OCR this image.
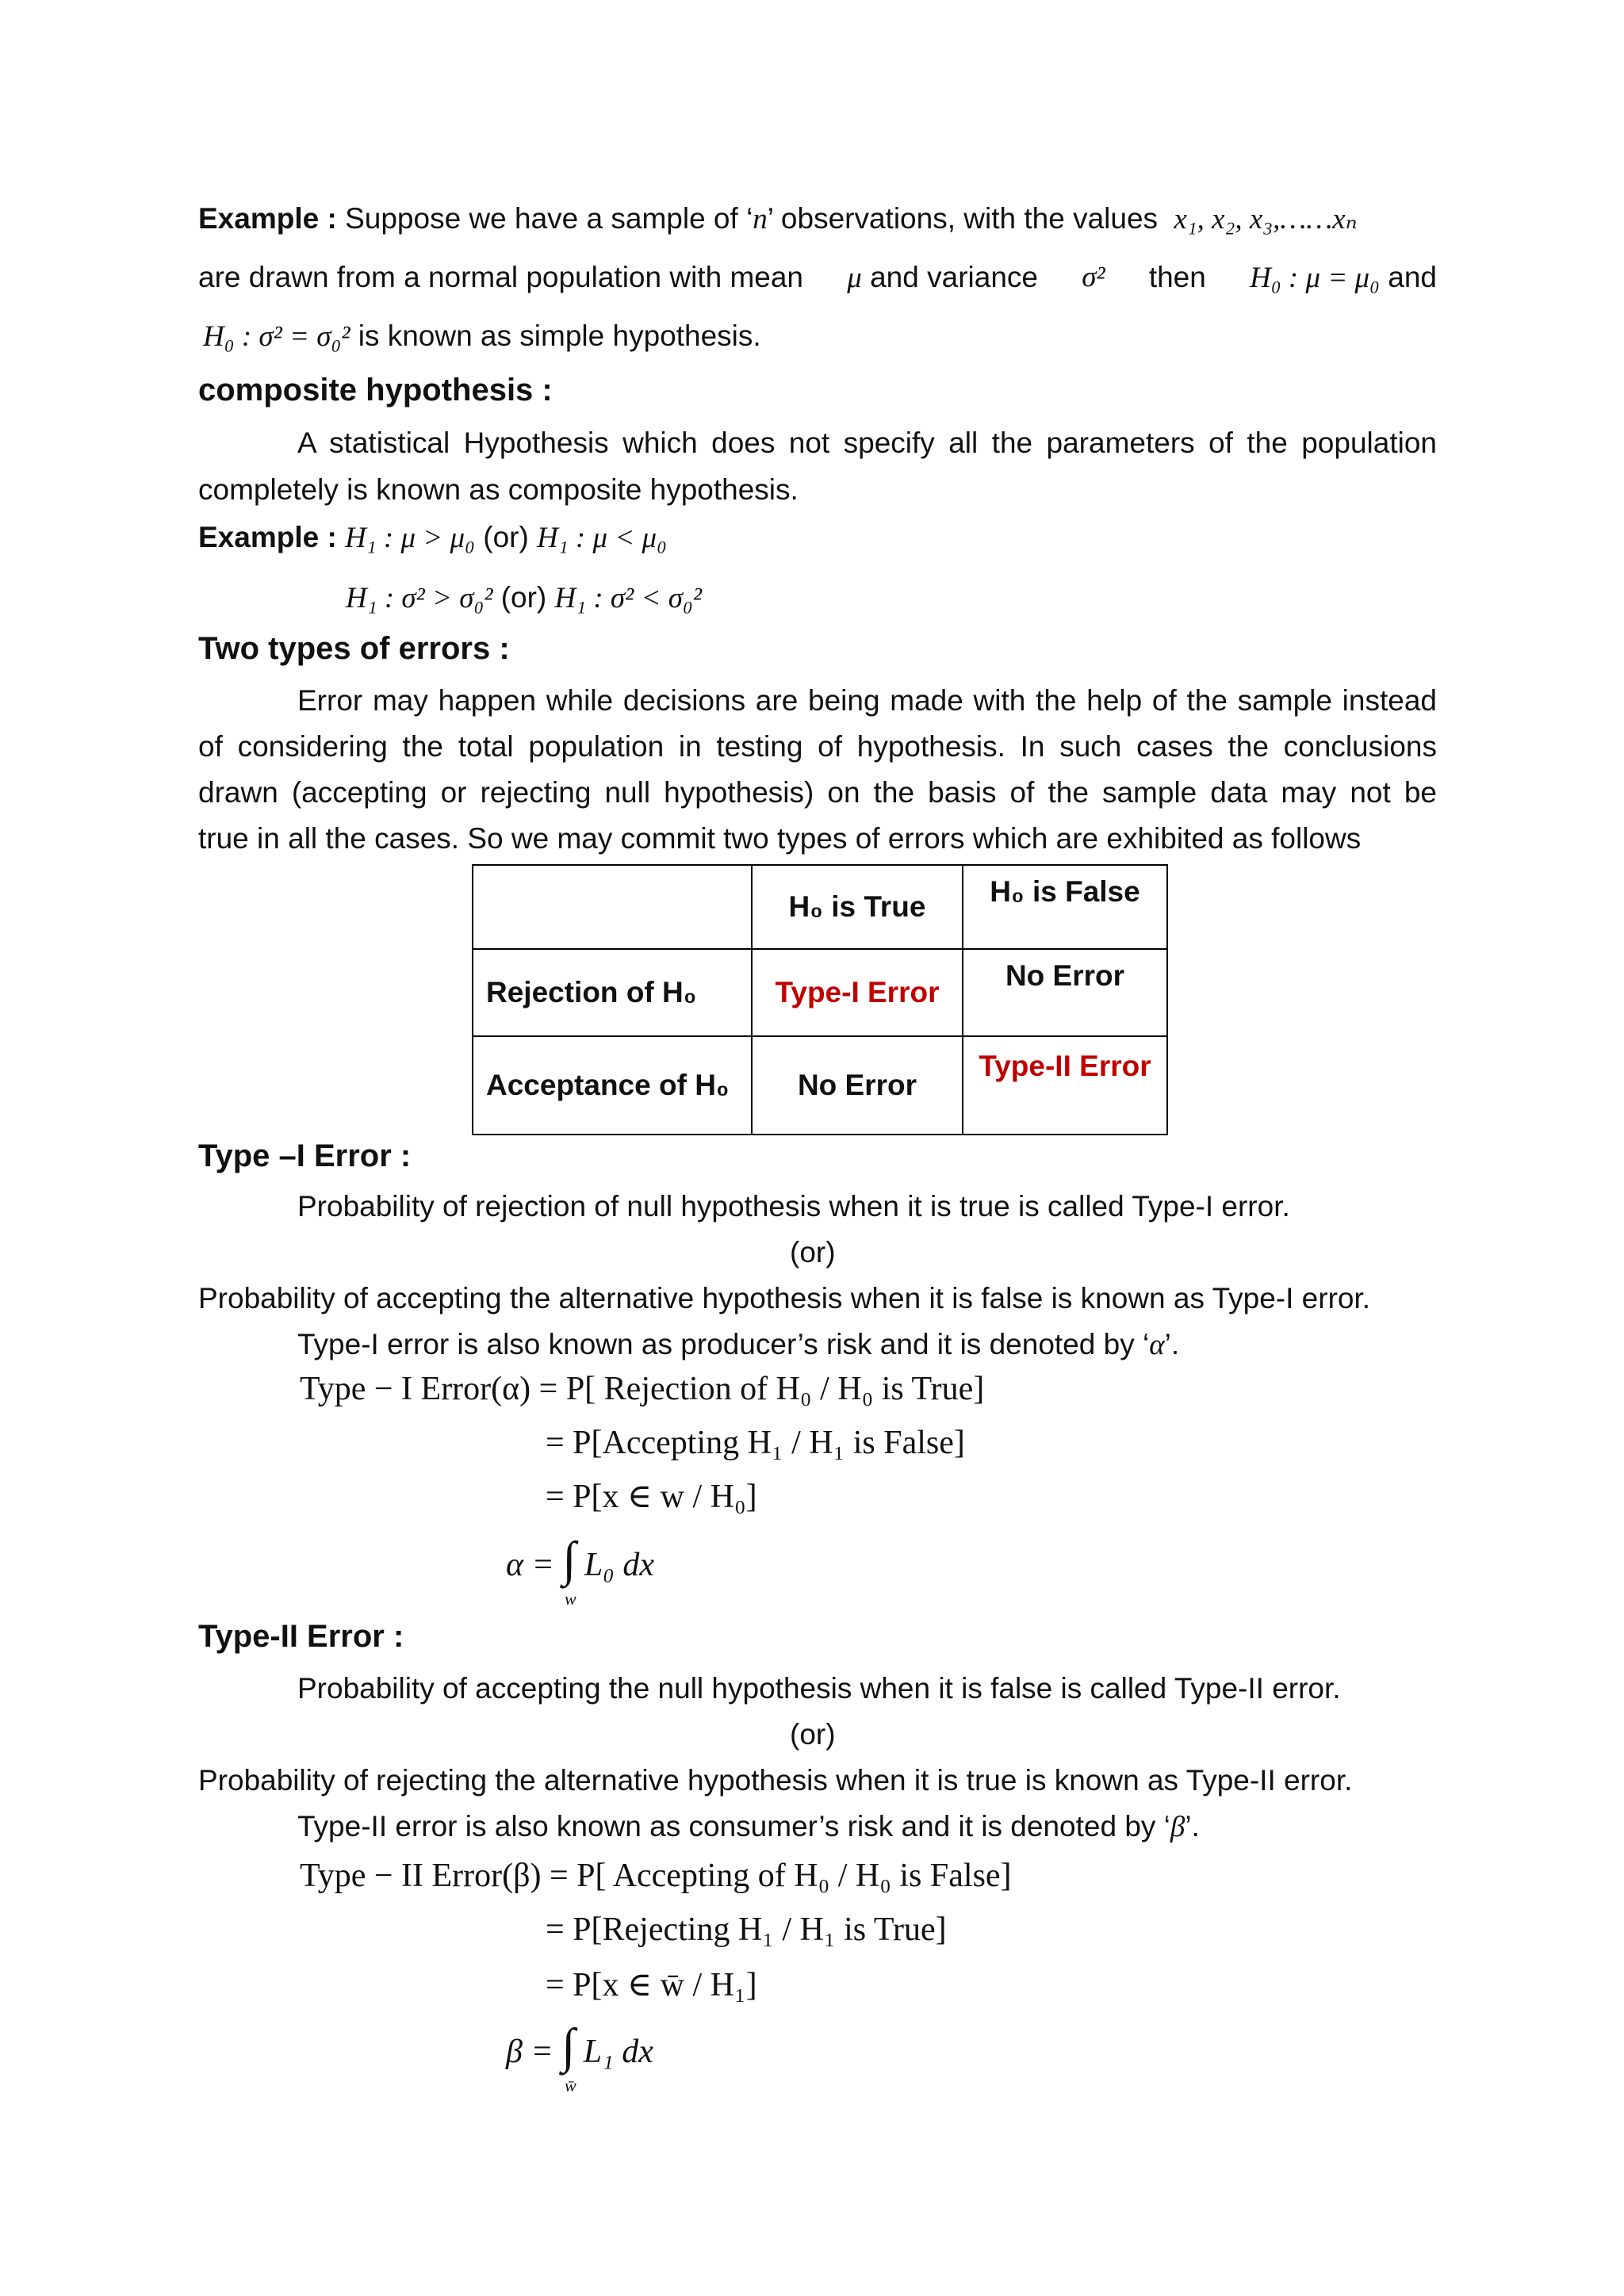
Example : Suppose we have a sample of ‘n’ observations, with the values x₁, x₂, x₃,……xₙ
are drawn from a normal population with mean μ and variance σ² then H₀ : μ = μ₀ and
H₀ : σ² = σ₀² is known as simple hypothesis.
composite hypothesis :
A statistical Hypothesis which does not specify all the parameters of the population
completely is known as composite hypothesis.
Example : H₁ : μ > μ₀ (or) H₁ : μ < μ₀
H₁ : σ² > σ₀² (or) H₁ : σ² < σ₀²
Two types of errors :
Error may happen while decisions are being made with the help of the sample instead
of considering the total population in testing of hypothesis. In such cases the conclusions
drawn (accepting or rejecting null hypothesis) on the basis of the sample data may not be
true in all the cases. So we may commit two types of errors which are exhibited as follows
	H₀ is True	H₀ is False
Rejection of H₀	Type-I Error	No Error
Acceptance of H₀	No Error	Type-II Error
Type –I Error :
Probability of rejection of null hypothesis when it is true is called Type-I error.
(or)
Probability of accepting the alternative hypothesis when it is false is known as Type-I error.
Type-I error is also known as producer’s risk and it is denoted by ‘α’.
Type − I Error(α) = P[ Rejection of H₀ / H₀ is True]
= P[Accepting H₁ / H₁ is False]
= P[x ∈ w / H₀]
α = ∫ L₀ dx
w
Type-II Error :
Probability of accepting the null hypothesis when it is false is called Type-II error.
(or)
Probability of rejecting the alternative hypothesis when it is true is known as Type-II error.
Type-II error is also known as consumer’s risk and it is denoted by ‘β’.
Type − II Error(β) = P[ Accepting of H₀ / H₀ is False]
= P[Rejecting H₁ / H₁ is True]
= P[x ∈ w̄ / H₁]
β = ∫ L₁ dx
w̄
